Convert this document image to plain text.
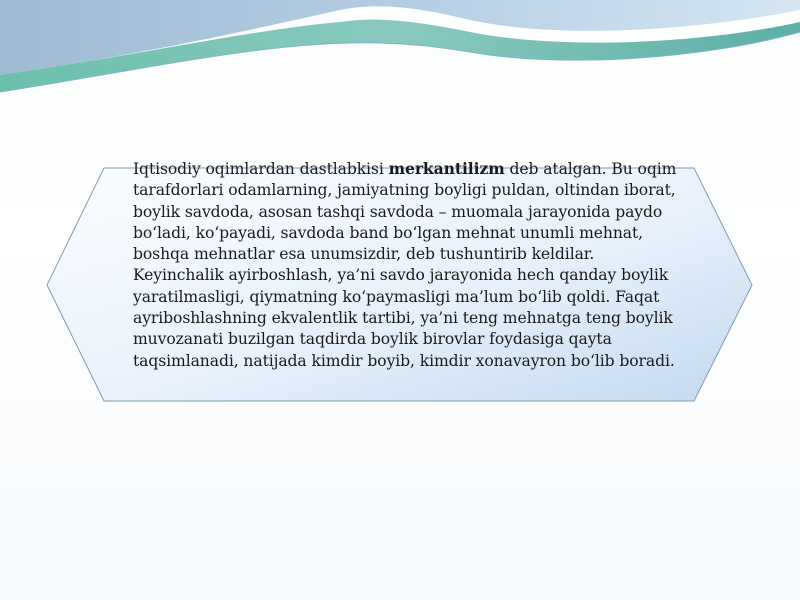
Iqtisodiy oqimlardan dastlabkisi merkantilizm deb atalgan. Bu oqim tarafdorlari odamlarning, jamiyatning boyligi puldan, oltindan iborat, boylik savdoda, asosan tashqi savdoda – muomala jarayonida paydo bo‘ladi, ko‘payadi, savdoda band bo‘lgan mehnat unumli mehnat, boshqa mehnatlar esa unumsizdir, deb tushuntirib keldilar. Keyinchalik ayirboshlash, ya’ni savdo jarayonida hech qanday boylik yaratilmasligi, qiymatning ko‘paymasligi ma’lum bo‘lib qoldi. Faqat ayriboshlashning ekvalentlik tartibi, ya’ni teng mehnatga teng boylik muvozanati buzilgan taqdirda boylik birovlar foydasiga qayta taqsimlanadi, natijada kimdir boyib, kimdir xonavayron bo‘lib boradi.
